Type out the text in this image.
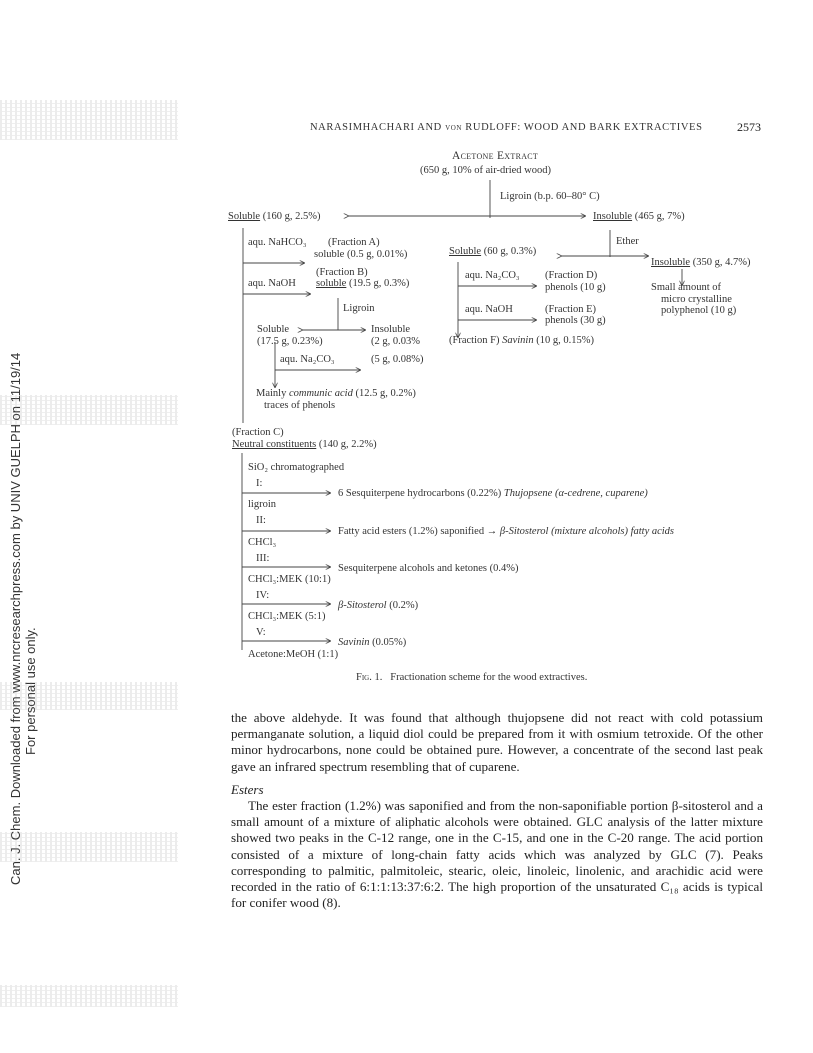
Can. J. Chem. Downloaded from www.nrcresearchpress.com by UNIV GUELPH on 11/19/14 For personal use only.
NARASIMHACHARI AND von RUDLOFF: WOOD AND BARK EXTRACTIVES	2573
Acetone Extract
(650 g, 10% of air-dried wood)
Ligroin (b.p. 60–80° C)
Soluble (160 g, 2.5%)	Insoluble (465 g, 7%)
aqu. NaHCO₃ (Fraction A)
soluble (0.5 g, 0.01%)
(Fraction B)
aqu. NaOH soluble (19.5 g, 0.3%)
Ligroin
Soluble
(17.5 g, 0.23%)
Insoluble
(2 g, 0.03%
aqu. Na₂CO₃	(5 g, 0.08%)
Mainly communic acid (12.5 g, 0.2%)
traces of phenols
Ether
Soluble (60 g, 0.3%)
aqu. Na₂CO₃ (Fraction D)
phenols (10 g)
aqu. NaOH	(Fraction E)
phenols (30 g)
(Fraction F) Savinin (10 g, 0.15%)
Insoluble (350 g, 4.7%)
Small amount of
micro crystalline
polyphenol (10 g)
(Fraction C)
Neutral constituents (140 g, 2.2%)
SiO₂ chromatographed
I:
6 Sesquiterpene hydrocarbons (0.22%) Thujopsene (α-cedrene, cuparene)
ligroin
II:
Fatty acid esters (1.2%) saponified → β-Sitosterol (mixture alcohols) fatty acids
CHCl₃
III:
Sesquiterpene alcohols and ketones (0.4%)
CHCl₃:MEK (10:1)
IV:
β-Sitosterol (0.2%)
CHCl₃:MEK (5:1)
V:
Savinin (0.05%)
Acetone:MeOH (1:1)
Fig. 1. Fractionation scheme for the wood extractives.
the above aldehyde. It was found that although thujopsene did not react with cold potassium permanganate solution, a liquid diol could be prepared from it with osmium tetroxide. Of the other minor hydrocarbons, none could be obtained pure. However, a concentrate of the second last peak gave an infrared spectrum resembling that of cuparene.
Esters
The ester fraction (1.2%) was saponified and from the non-saponifiable portion β-sitosterol and a small amount of a mixture of aliphatic alcohols were obtained. GLC analysis of the latter mixture showed two peaks in the C-12 range, one in the C-15, and one in the C-20 range. The acid portion consisted of a mixture of long-chain fatty acids which was analyzed by GLC (7). Peaks corresponding to palmitic, palmitoleic, stearic, oleic, linoleic, linolenic, and arachidic acid were recorded in the ratio of 6:1:1:13:37:6:2. The high proportion of the unsaturated C₁₈ acids is typical for conifer wood (8).
